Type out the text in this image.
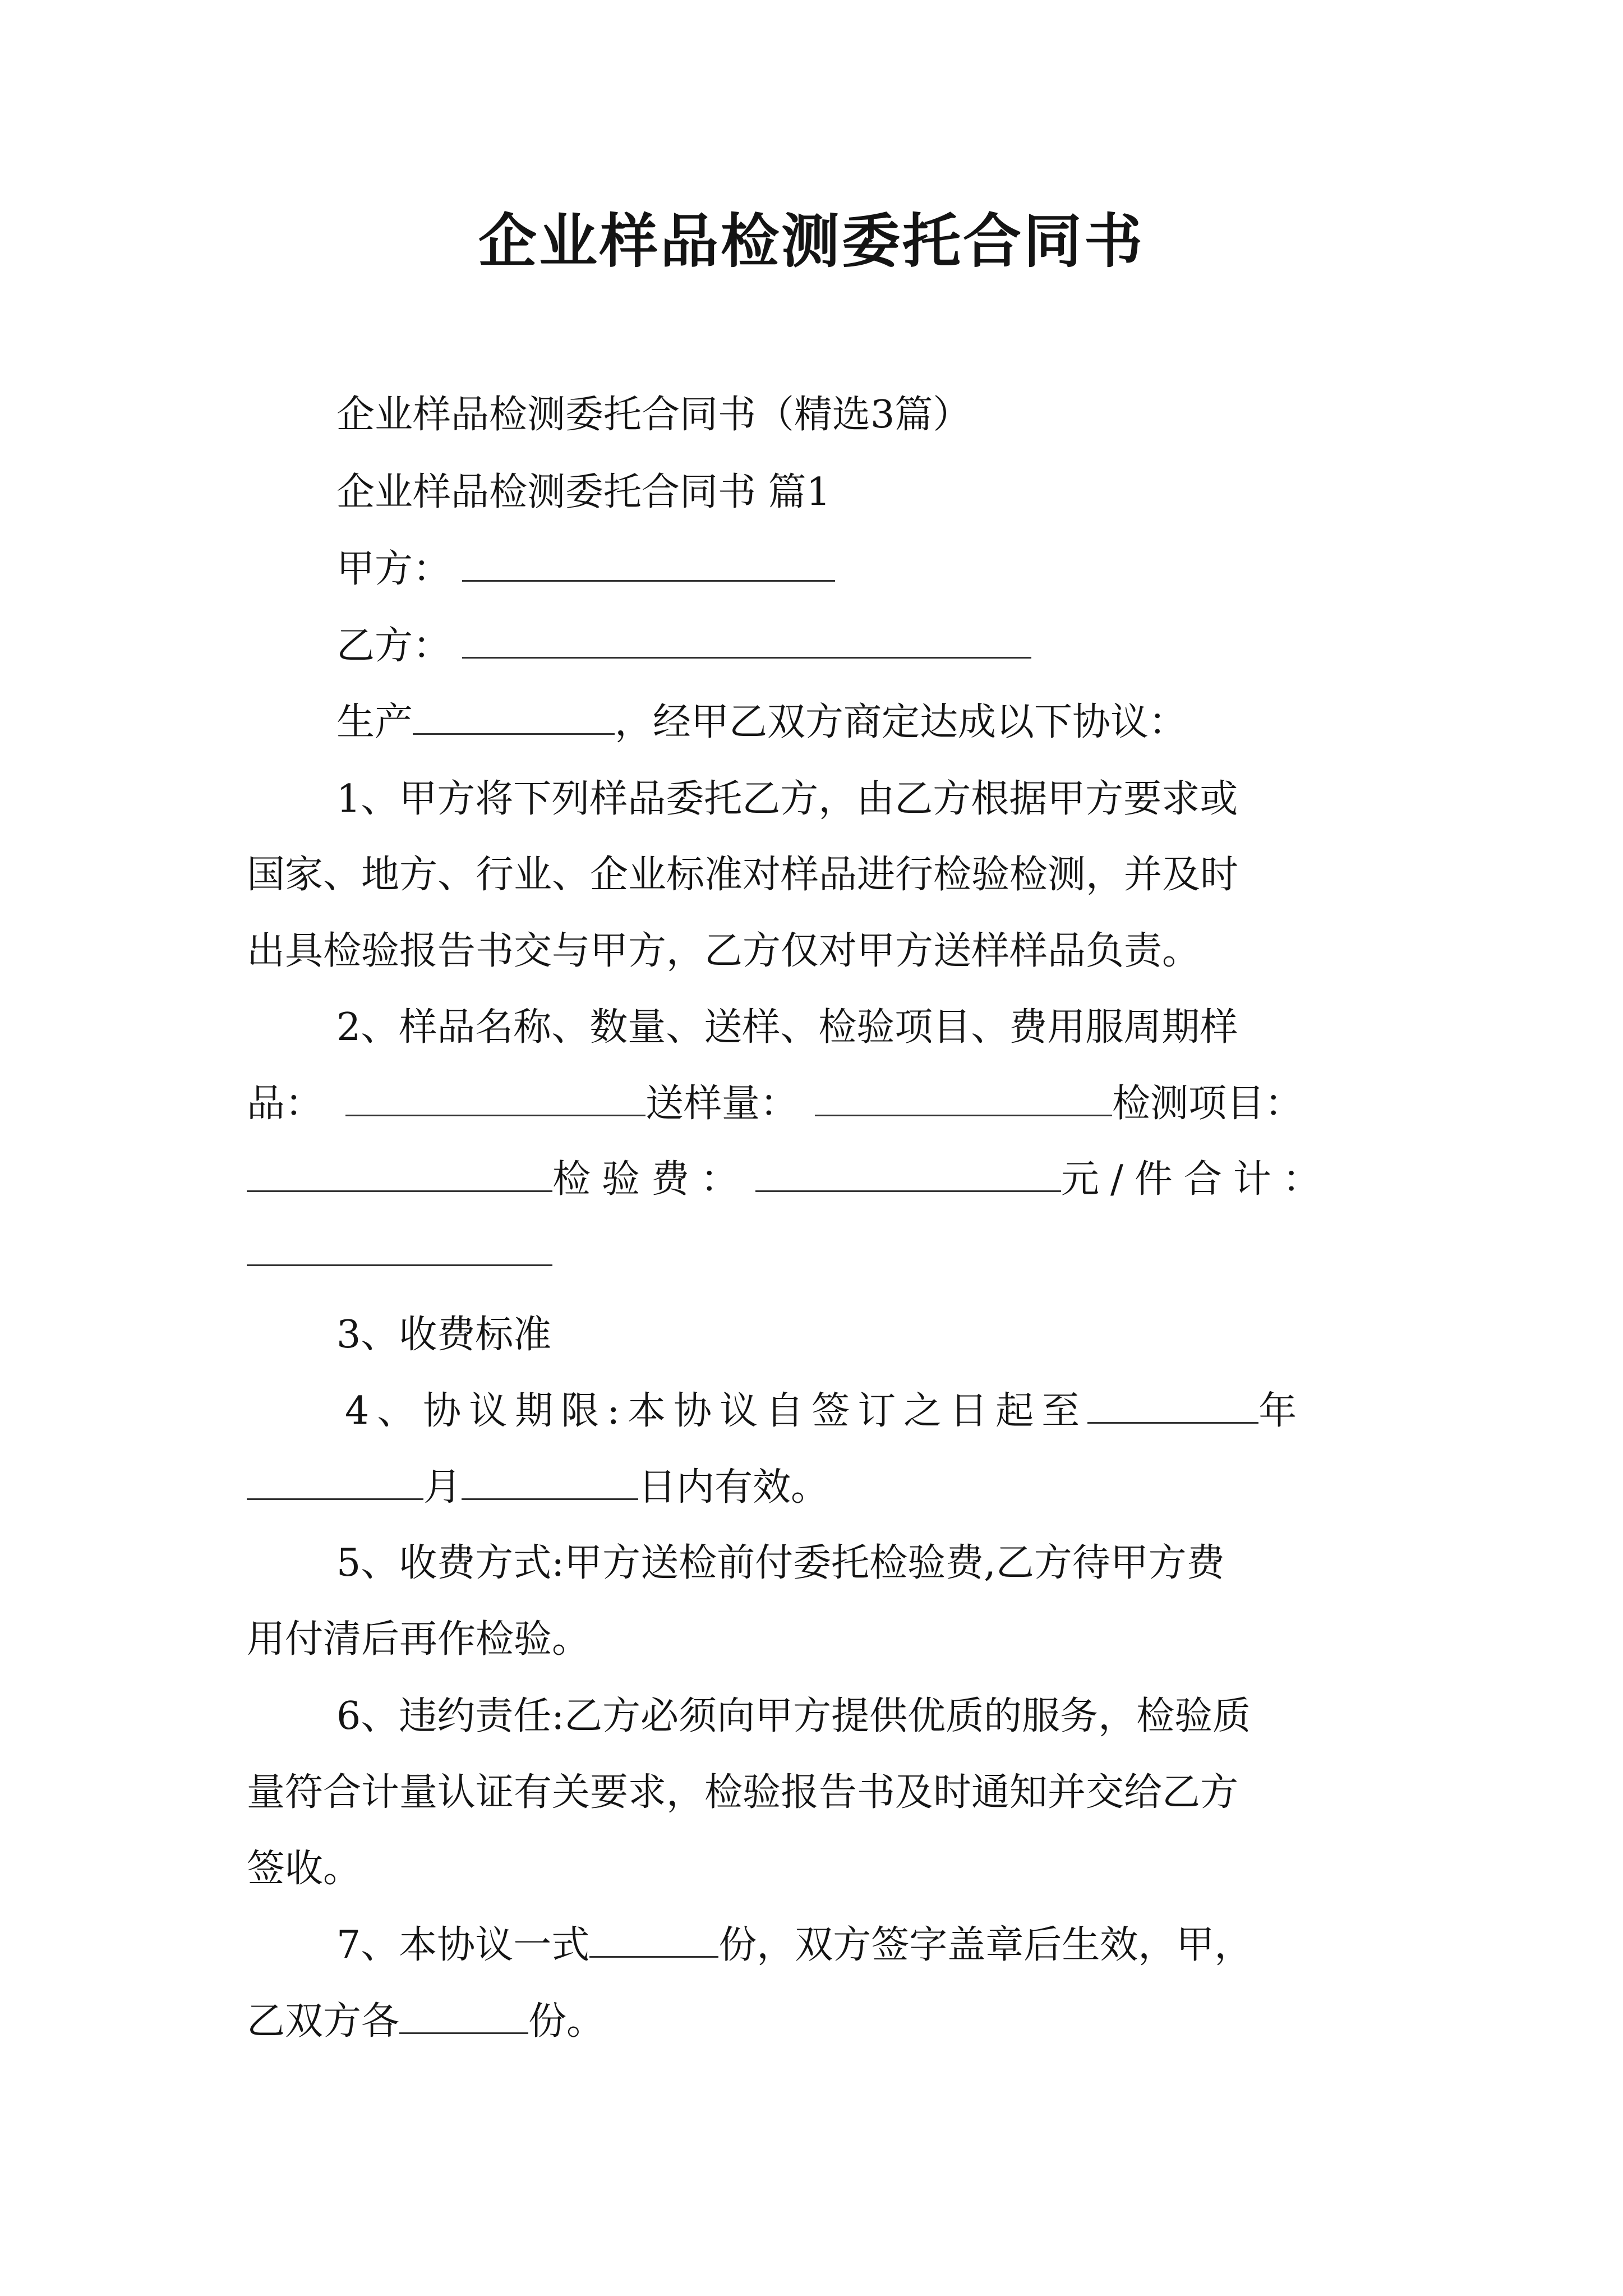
企业样品检测委托合同书
企业样品检测委托合同书（精选3篇）
企业样品检测委托合同书 篇1
甲方：
乙方：
生产	，经甲乙双方商定达成以下协议：
1、甲方将下列样品委托乙方，由乙方根据甲方要求或
国家、地方、行业、企业标准对样品进行检验检测，并及时
出具检验报告书交与甲方，乙方仅对甲方送样样品负责。
2、样品名称、数量、送样、检验项目、费用服周期样
品：	送样量：	检测项目：
检验费：	元/件合计：
3、收费标准
4、协议期限:本协议自签订之日起至	年
月	日内有效。
5、收费方式:甲方送检前付委托检验费,乙方待甲方费
用付清后再作检验。
6、违约责任:乙方必须向甲方提供优质的服务，检验质
量符合计量认证有关要求，检验报告书及时通知并交给乙方
签收。
7、本协议一式	份，双方签字盖章后生效，甲，
乙双方各	份。
